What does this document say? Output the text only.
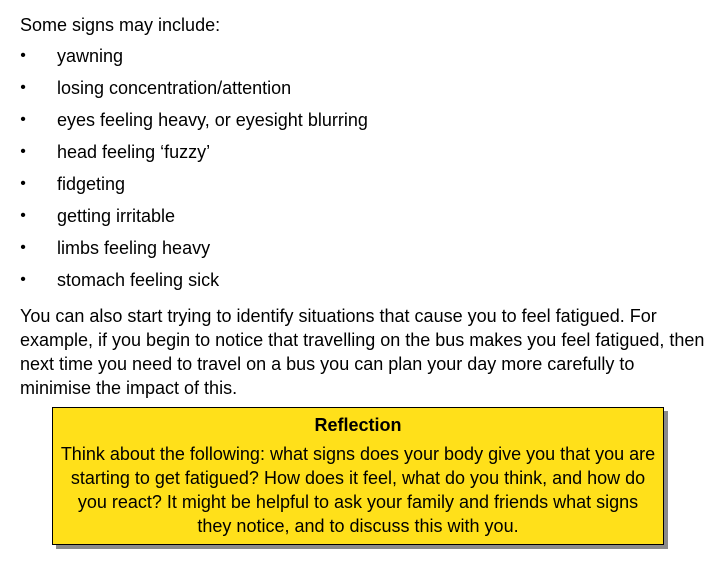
Some signs may include:

• yawning
• losing concentration/attention
• eyes feeling heavy, or eyesight blurring
• head feeling ‘fuzzy’
• fidgeting
• getting irritable
• limbs feeling heavy
• stomach feeling sick

You can also start trying to identify situations that cause you to feel fatigued. For example, if you begin to notice that travelling on the bus makes you feel fatigued, then next time you need to travel on a bus you can plan your day more carefully to minimise the impact of this.

Reflection

Think about the following: what signs does your body give you that you are starting to get fatigued? How does it feel, what do you think, and how do you react? It might be helpful to ask your family and friends what signs they notice, and to discuss this with you.
